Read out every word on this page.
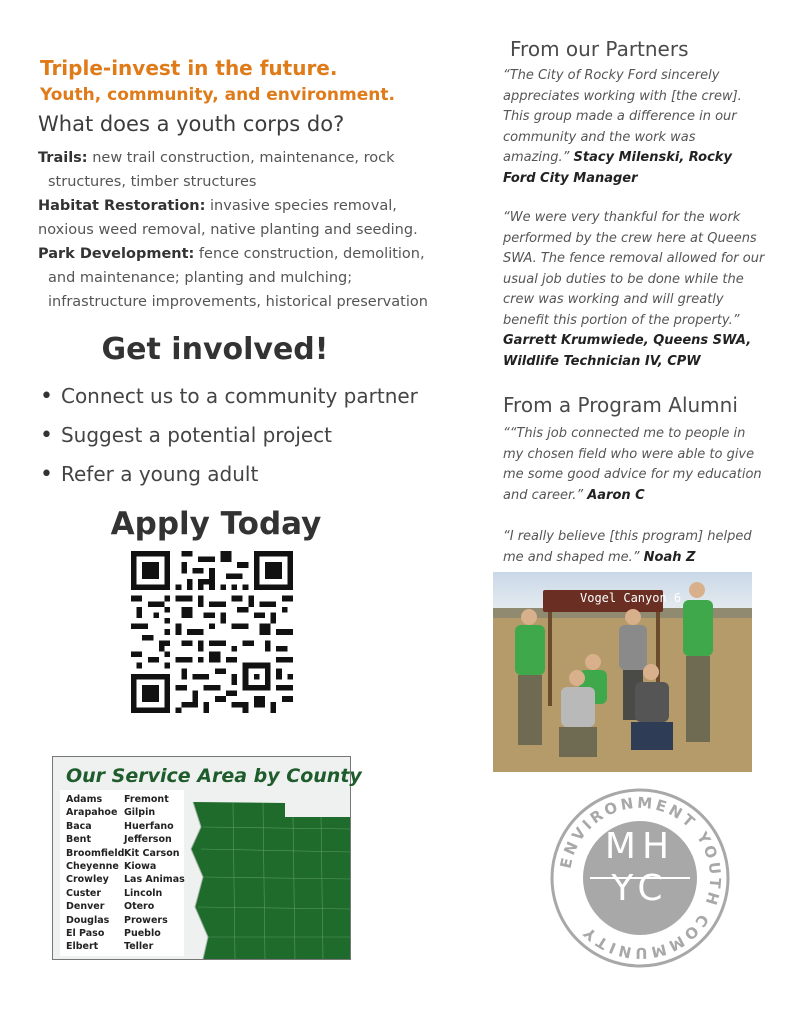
Triple-invest in the future.
Youth, community, and environment.
What does a youth corps do?
Trails: new trail construction, maintenance, rock
structures, timber structures
Habitat Restoration: invasive species removal,
noxious weed removal, native planting and seeding.
Park Development: fence construction, demolition,
and maintenance; planting and mulching;
infrastructure improvements, historical preservation
Get involved!
• Connect us to a community partner
• Suggest a potential project
• Refer a young adult
Apply Today
Our Service Area by County
Adams
Arapahoe
Baca
Bent
Broomfield
Cheyenne
Crowley
Custer
Denver
Douglas
El Paso
Elbert
Fremont
Gilpin
Huerfano
Jefferson
Kit Carson
Kiowa
Las Animas
Lincoln
Otero
Prowers
Pueblo
Teller
From our Partners
“The City of Rocky Ford sincerely appreciates working with [the crew]. This group made a difference in our community and the work was amazing.” Stacy Milenski, Rocky Ford City Manager
“We were very thankful for the work performed by the crew here at Queens SWA. The fence removal allowed for our usual job duties to be done while the crew was working and will greatly benefit this portion of the property.” Garrett Krumwiede, Queens SWA, Wildlife Technician IV, CPW
From a Program Alumni
““This job connected me to people in my chosen field who were able to give me some good advice for my education and career.” Aaron C
“I really believe [this program] helped me and shaped me.” Noah Z
Vogel Canyon 6
ENVIRONMENT YOUTH COMMUNITY
MH
YC
